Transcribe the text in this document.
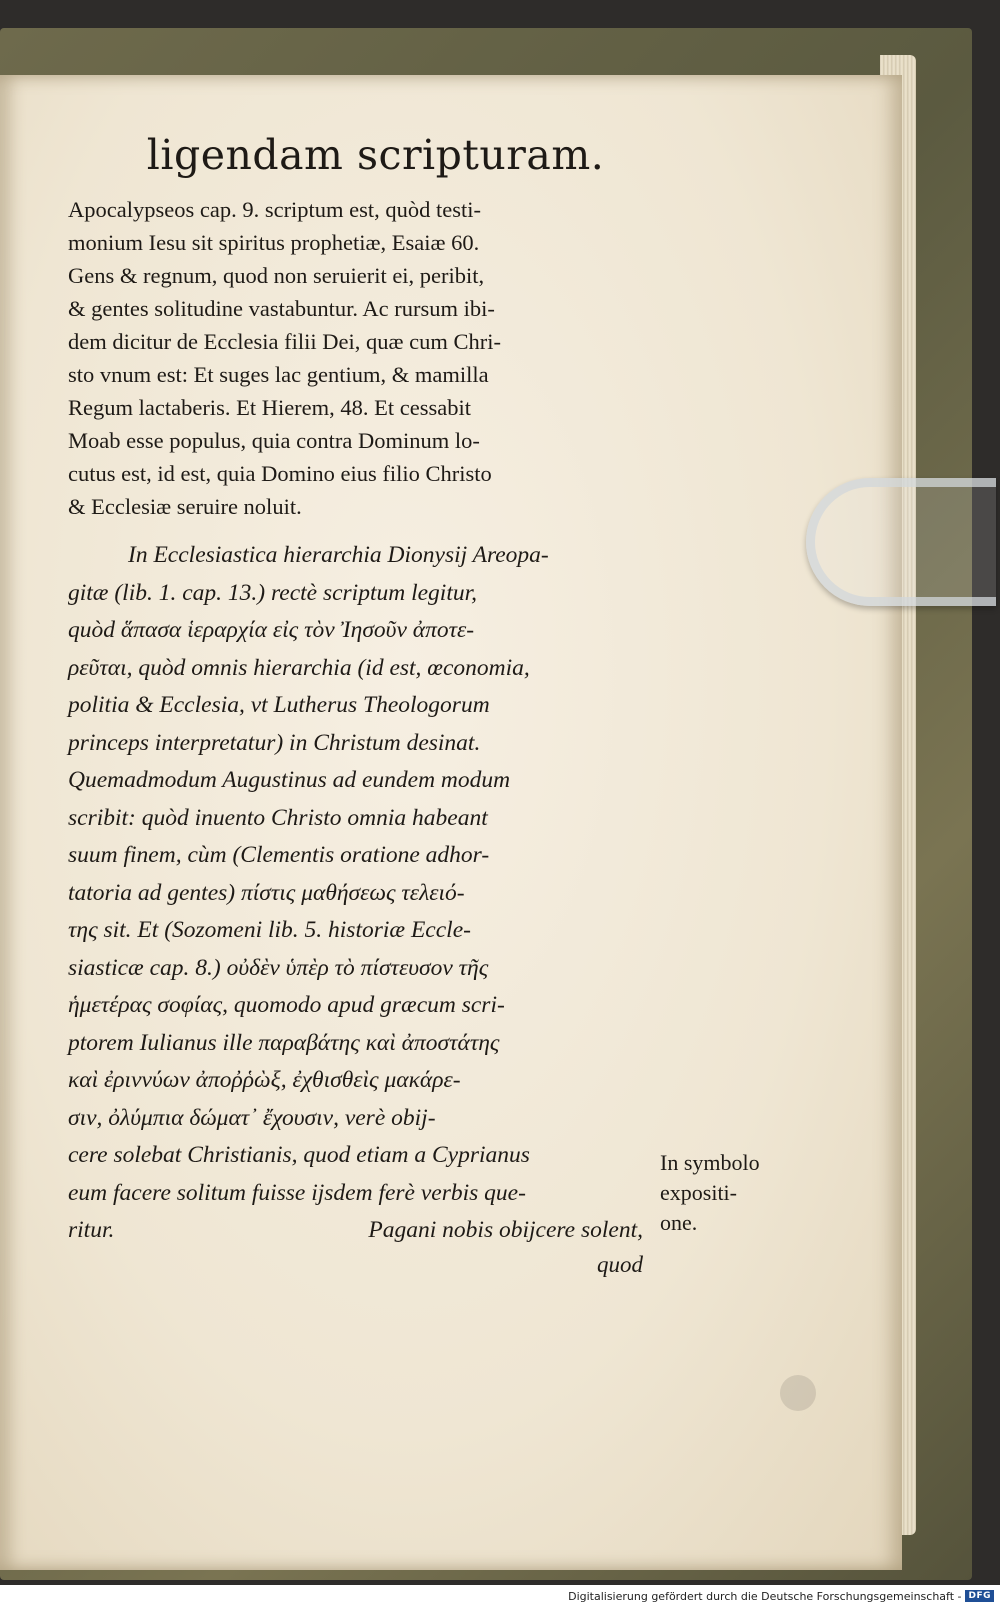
ligendam scripturam.

Apocalypseos cap. 9. scriptum est, quòd testi-

monium Iesu sit spiritus prophetiæ, Esaiæ 60.

Gens & regnum, quod non seruierit ei, peribit,

& gentes solitudine vastabuntur. Ac rursum ibi-

dem dicitur de Ecclesia filii Dei, quæ cum Chri-

sto vnum est: Et suges lac gentium, & mamilla

Regum lactaberis. Et Hierem, 48. Et cessabit

Moab esse populus, quia contra Dominum lo-

cutus est, id est, quia Domino eius filio Christo

& Ecclesiæ seruire noluit.

In Ecclesiastica hierarchia Dionysij Areopa-

gitæ (lib. 1. cap. 13.) rectè scriptum legitur,

quòd ἅπασα ἱεραρχία εἰς τὸν Ἰησοῦν ἀποτε-

ρεῦται, quòd omnis hierarchia (id est, œconomia,

politia & Ecclesia, vt Lutherus Theologorum

princeps interpretatur) in Christum desinat.

Quemadmodum Augustinus ad eundem modum

scribit: quòd inuento Christo omnia habeant

suum finem, cùm (Clementis oratione adhor-

tatoria ad gentes) πίστις μαθήσεως τελειό-

της sit. Et (Sozomeni lib. 5. historiæ Eccle-

siasticæ cap. 8.) οὐδὲν ὑπὲρ τὸ πίστευσον τῆς

ἡμετέρας σοφίας, quomodo apud græcum scri-

ptorem Iulianus ille παραβάτης καὶ ἀποστάτης

καὶ ἐριννύων ἀποῤῥὼξ, ἐχθισθεὶς μακάρε-

σιν, ὀλύμπια δώματ᾽ ἔχουσιν, verè obij-

cere solebat Christianis, quod etiam a Cyprianus

eum facere solitum fuisse ijsdem ferè verbis que-

ritur.	Pagani nobis obijcere solent,

quod

In symbolo

expositi-

one.

Digitalisierung gefördert durch die Deutsche Forschungsgemeinschaft - DFG
